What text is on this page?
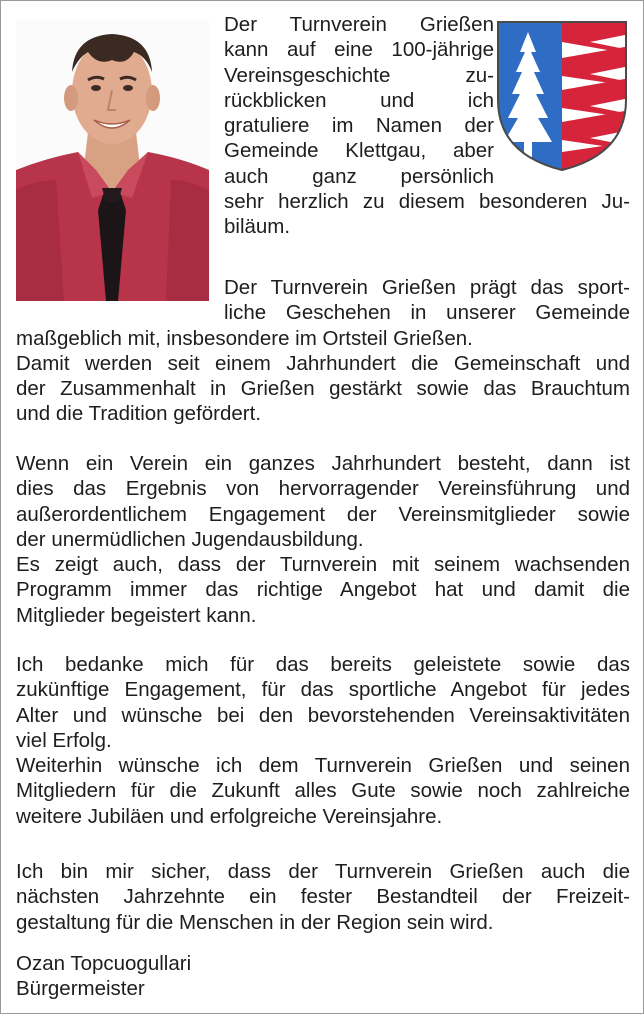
Der Turnverein Grießen
kann auf eine 100-jährige
Vereinsgeschichte zu-
rückblicken und ich
gratuliere im Namen der
Gemeinde Klettgau, aber
auch ganz persönlich
sehr herzlich zu diesem besonderen Ju-
biläum.
Der Turnverein Grießen prägt das sport-
liche Geschehen in unserer Gemeinde
maßgeblich mit, insbesondere im Ortsteil Grießen.
Damit werden seit einem Jahrhundert die Gemeinschaft und
der Zusammenhalt in Grießen gestärkt sowie das Brauchtum
und die Tradition gefördert.
Wenn ein Verein ein ganzes Jahrhundert besteht, dann ist
dies das Ergebnis von hervorragender Vereinsführung und
außerordentlichem Engagement der Vereinsmitglieder sowie
der unermüdlichen Jugendausbildung.
Es zeigt auch, dass der Turnverein mit seinem wachsenden
Programm immer das richtige Angebot hat und damit die
Mitglieder begeistert kann.
Ich bedanke mich für das bereits geleistete sowie das
zukünftige Engagement, für das sportliche Angebot für jedes
Alter und wünsche bei den bevorstehenden Vereinsaktivitäten
viel Erfolg.
Weiterhin wünsche ich dem Turnverein Grießen und seinen
Mitgliedern für die Zukunft alles Gute sowie noch zahlreiche
weitere Jubiläen und erfolgreiche Vereinsjahre.
Ich bin mir sicher, dass der Turnverein Grießen auch die
nächsten Jahrzehnte ein fester Bestandteil der Freizeit-
gestaltung für die Menschen in der Region sein wird.
Ozan Topcuogullari
Bürgermeister
